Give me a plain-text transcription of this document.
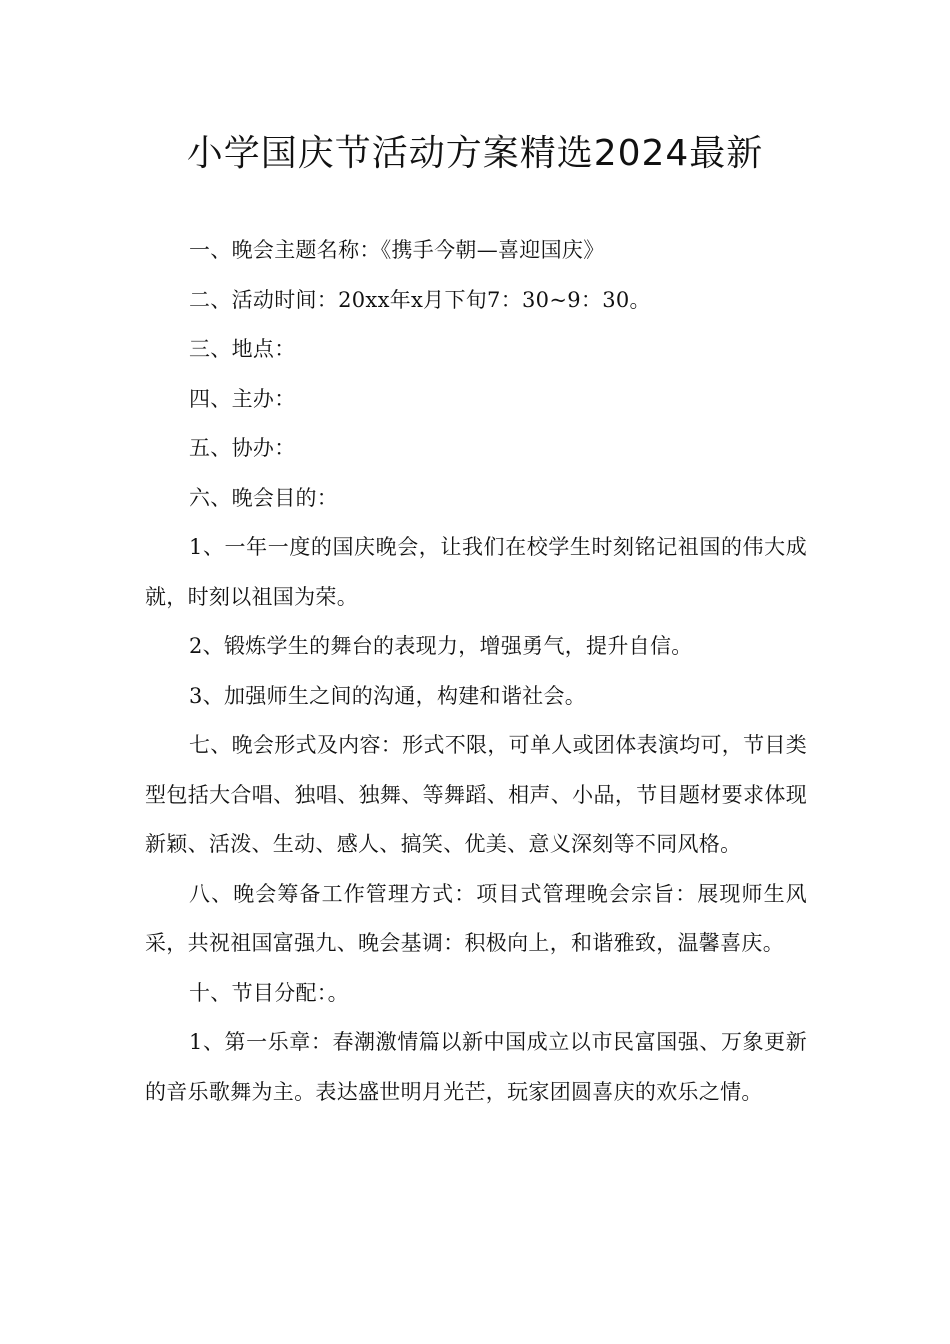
小学国庆节活动方案精选2024最新

一、晚会主题名称：《携手今朝—喜迎国庆》

二、活动时间：20xx年x月下旬7：30~9：30。

三、地点：

四、主办：

五、协办：

六、晚会目的：

1、一年一度的国庆晚会，让我们在校学生时刻铭记祖国的伟大成就，时刻以祖国为荣。

2、锻炼学生的舞台的表现力，增强勇气，提升自信。

3、加强师生之间的沟通，构建和谐社会。

七、晚会形式及内容：形式不限，可单人或团体表演均可，节目类型包括大合唱、独唱、独舞、等舞蹈、相声、小品，节目题材要求体现新颖、活泼、生动、感人、搞笑、优美、意义深刻等不同风格。

八、晚会筹备工作管理方式：项目式管理晚会宗旨：展现师生风采，共祝祖国富强九、晚会基调：积极向上，和谐雅致，温馨喜庆。

十、节目分配：。

1、第一乐章：春潮激情篇以新中国成立以市民富国强、万象更新的音乐歌舞为主。表达盛世明月光芒，玩家团圆喜庆的欢乐之情。
